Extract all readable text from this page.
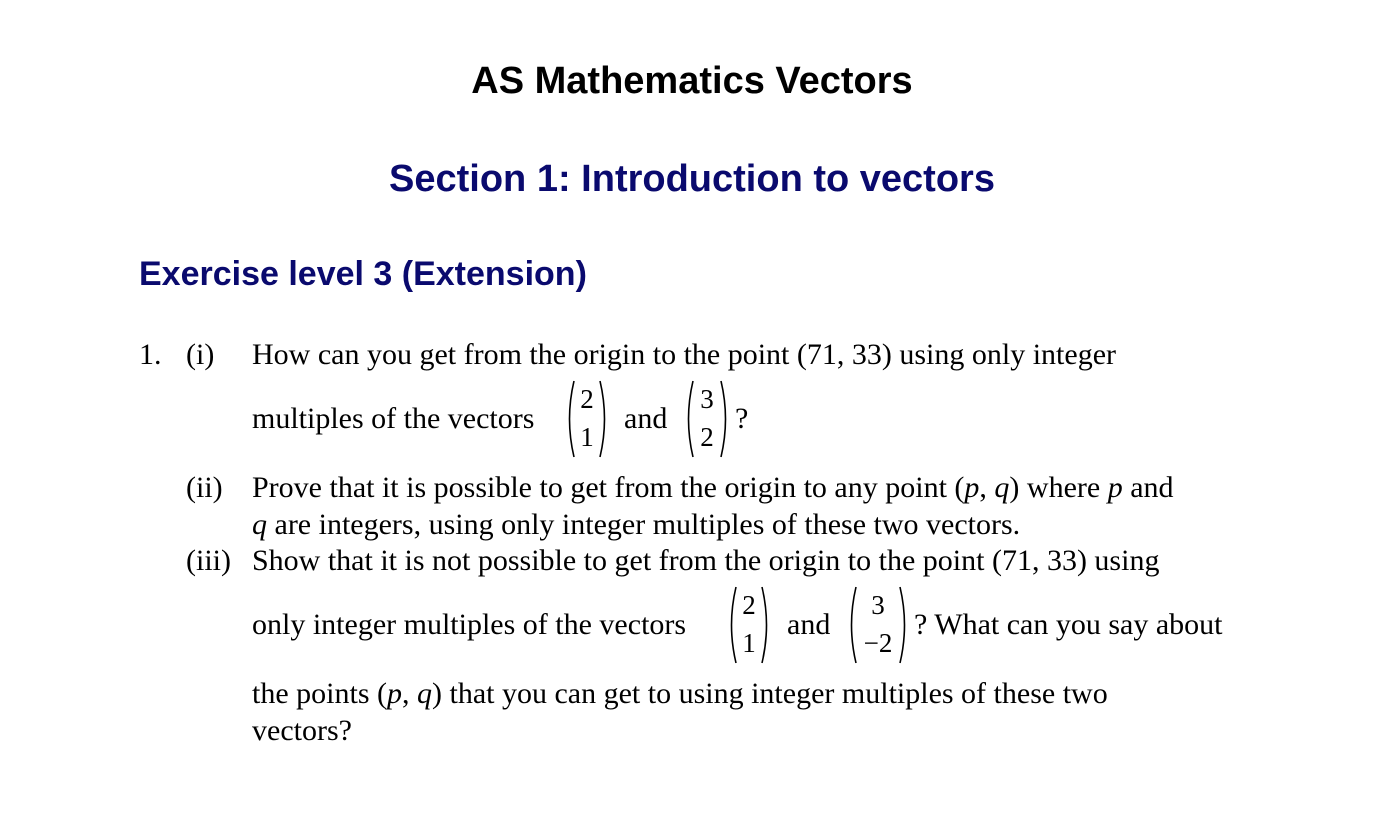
AS Mathematics Vectors
Section 1: Introduction to vectors
Exercise level 3 (Extension)
1. (i) How can you get from the origin to the point (71, 33) using only integer
multiples of the vectors
2
1
and
3
2
?
(ii) Prove that it is possible to get from the origin to any point (p, q) where p and
q are integers, using only integer multiples of these two vectors.
(iii) Show that it is not possible to get from the origin to the point (71, 33) using
only integer multiples of the vectors
2
1
and
3
−2
? What can you say about
the points (p, q) that you can get to using integer multiples of these two
vectors?
